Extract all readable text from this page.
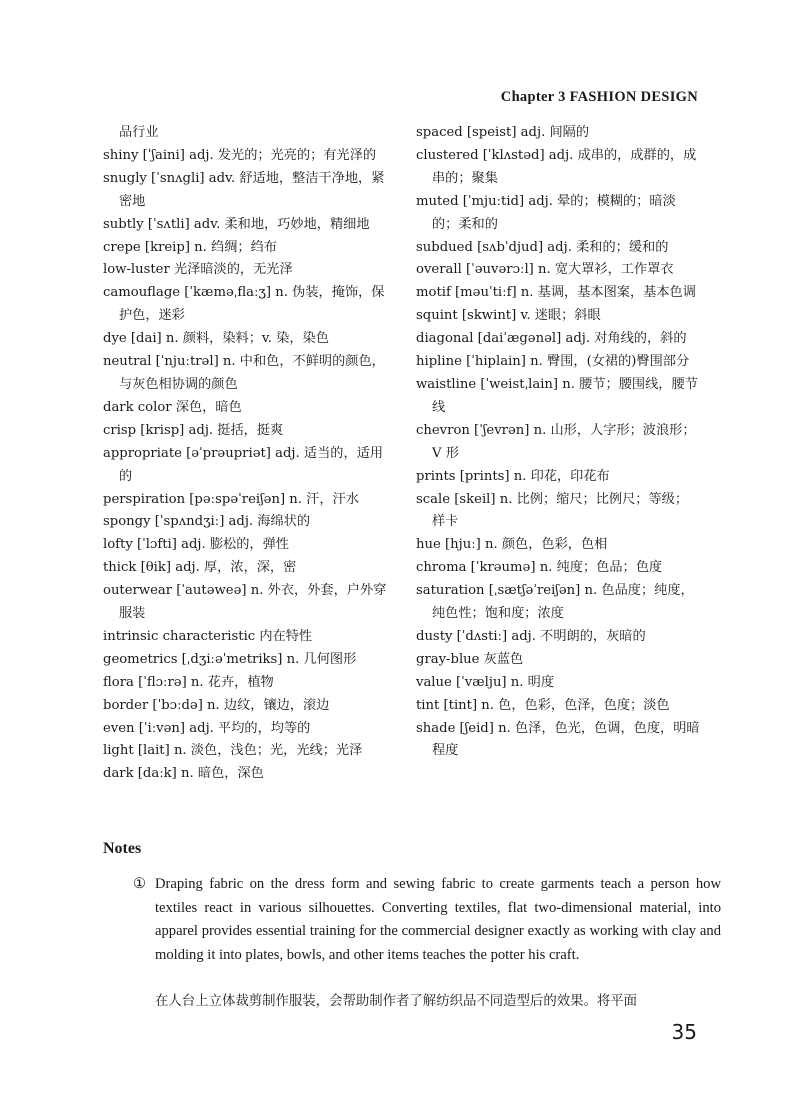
Chapter 3 FASHION DESIGN
品行业
shiny [ˈʃaini] adj. 发光的；光亮的；有光泽的
snugly [ˈsnʌgli] adv. 舒适地，整洁干净地，紧密地
subtly [ˈsʌtli] adv. 柔和地，巧妙地，精细地
crepe [kreip] n. 绉绸；绉布
low-luster 光泽暗淡的，无光泽
camouflage [ˈkæməˌflaːʒ] n. 伪装，掩饰，保护色，迷彩
dye [dai] n. 颜料，染料；v. 染，染色
neutral [ˈnjuːtrəl] n. 中和色，不鲜明的颜色，与灰色相协调的颜色
dark color 深色，暗色
crisp [krisp] adj. 挺括，挺爽
appropriate [əˈprəupriət] adj. 适当的，适用的
perspiration [pəːspəˈreiʃən] n. 汗，汗水
spongy [ˈspʌndʒiː] adj. 海绵状的
lofty [ˈlɔfti] adj. 膨松的，弹性
thick [θik] adj. 厚，浓，深，密
outerwear [ˈautəweə] n. 外衣，外套，户外穿服装
intrinsic characteristic 内在特性
geometrics [ˌdʒiːəˈmetriks] n. 几何图形
flora [ˈflɔːrə] n. 花卉，植物
border [ˈbɔːdə] n. 边纹，镶边，滚边
even [ˈiːvən] adj. 平均的，均等的
light [lait] n. 淡色，浅色；光，光线；光泽
dark [daːk] n. 暗色，深色
spaced [speist] adj. 间隔的
clustered [ˈklʌstəd] adj. 成串的，成群的，成串的；聚集
muted [ˈmjuːtid] adj. 晕的；模糊的；暗淡的；柔和的
subdued [sʌbˈdjud] adj. 柔和的；缓和的
overall [ˈəuvərɔːl] n. 宽大罩衫，工作罩衣
motif [məuˈtiːf] n. 基调，基本图案，基本色调
squint [skwint] v. 迷眼；斜眼
diagonal [daiˈægənəl] adj. 对角线的，斜的
hipline [ˈhiplain] n. 臀围，(女裙的)臀围部分
waistline [ˈweistˌlain] n. 腰节；腰围线，腰节线
chevron [ˈʃevrən] n. 山形，人字形；波浪形；V 形
prints [prints] n. 印花，印花布
scale [skeil] n. 比例；缩尺；比例尺；等级；样卡
hue [hjuː] n. 颜色，色彩，色相
chroma [ˈkrəumə] n. 纯度；色品；色度
saturation [ˌsætʃəˈreiʃən] n. 色品度；纯度，纯色性；饱和度；浓度
dusty [ˈdʌstiː] adj. 不明朗的，灰暗的
gray-blue 灰蓝色
value [ˈvælju] n. 明度
tint [tint] n. 色，色彩，色泽，色度；淡色
shade [ʃeid] n. 色泽，色光，色调，色度，明暗程度
Notes
① Draping fabric on the dress form and sewing fabric to create garments teach a person how textiles react in various silhouettes. Converting textiles, flat two-dimensional material, into apparel provides essential training for the commercial designer exactly as working with clay and molding it into plates, bowls, and other items teaches the potter his craft.
在人台上立体裁剪制作服装，会帮助制作者了解纺织品不同造型后的效果。将平面
35
